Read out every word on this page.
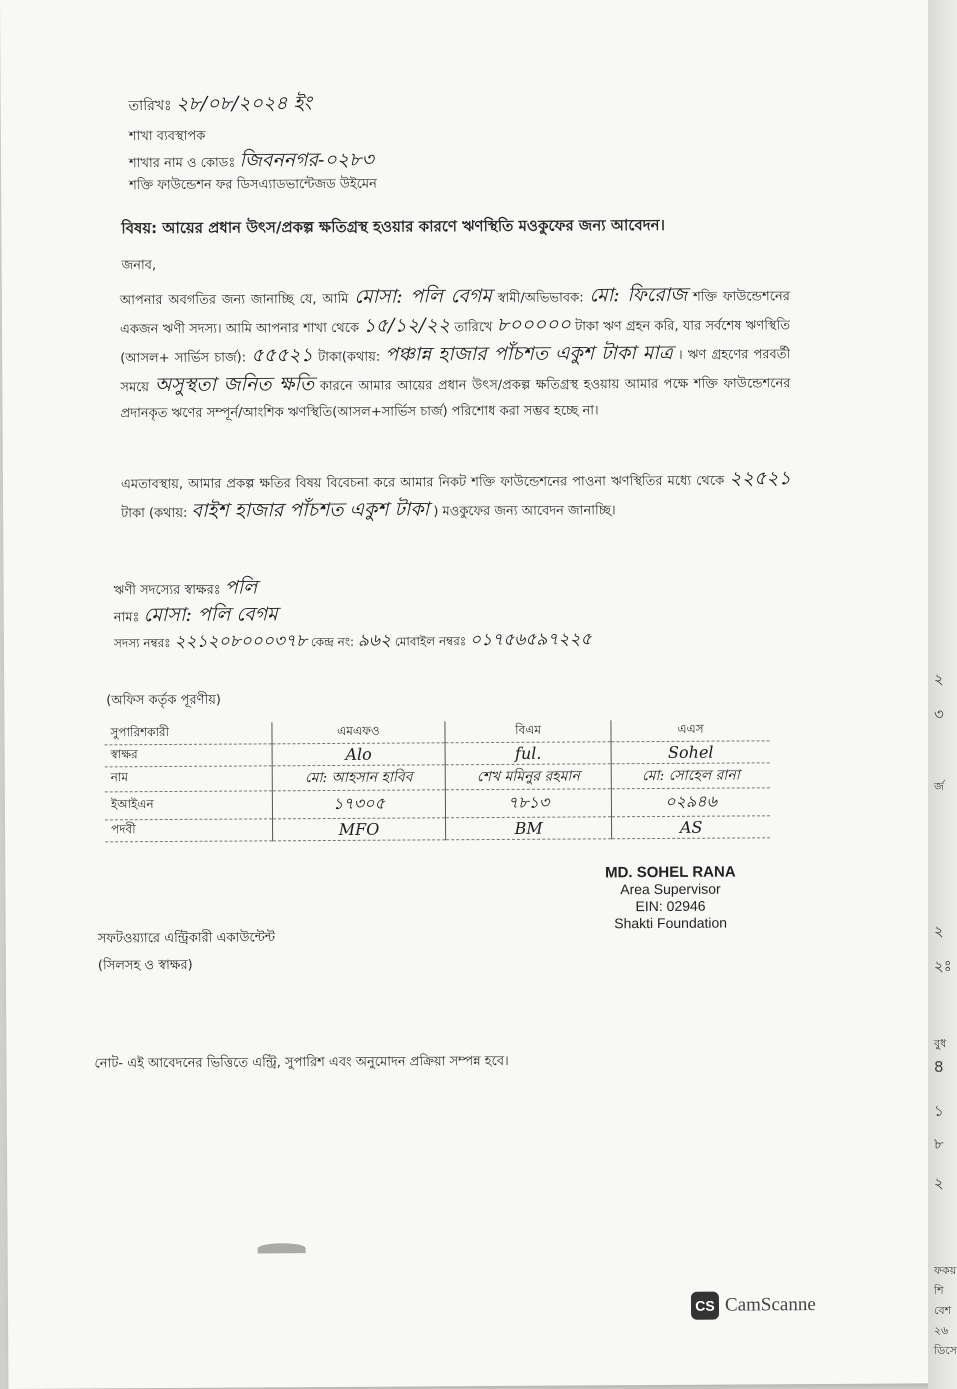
তারিখঃ ২৮/০৮/২০২৪ ইং
শাখা ব্যবস্থাপক
শাখার নাম ও কোডঃ জিবননগর-০২৮৩
শক্তি ফাউন্ডেশন ফর ডিসএ্যাডভান্টেজড উইমেন
বিষয়: আয়ের প্রধান উৎস/প্রকল্প ক্ষতিগ্রস্থ হওয়ার কারণে ঋণস্থিতি মওকুফের জন্য আবেদন।
জনাব,
আপনার অবগতির জন্য জানাচ্ছি যে, আমি মোসা: পলি বেগম স্বামী/অভিভাবক: মো: ফিরোজ শক্তি ফাউন্ডেশনের একজন ঋণী সদস্য। আমি আপনার শাখা থেকে ১৫/১২/২২ তারিখে ৮০০০০০ টাকা ঋণ গ্রহন করি, যার সর্বশেষ ঋণস্থিতি (আসল+ সার্ভিস চার্জ): ৫৫৫২১ টাকা(কথায়: পঞ্চান্ন হাজার পাঁচশত একুশ টাকা মাত্র । ঋণ গ্রহণের পরবর্তী সময়ে অসুস্থতা জনিত ক্ষতি কারনে আমার আয়ের প্রধান উৎস/প্রকল্প ক্ষতিগ্রস্থ হওয়ায় আমার পক্ষে শক্তি ফাউন্ডেশনের প্রদানকৃত ঋণের সম্পূর্ন/আংশিক ঋণস্থিতি(আসল+সার্ভিস চার্জ) পরিশোধ করা সম্ভব হচ্ছে না।
এমতাবস্থায়, আমার প্রকল্প ক্ষতির বিষয় বিবেচনা করে আমার নিকট শক্তি ফাউন্ডেশনের পাওনা ঋণস্থিতির মধ্যে থেকে ২২৫২১ টাকা (কথায়: বাইশ হাজার পাঁচশত একুশ টাকা ) মওকুফের জন্য আবেদন জানাচ্ছি।
ঋণী সদস্যের স্বাক্ষরঃ পলি
নামঃ মোসা: পলি বেগম
সদস্য নম্বরঃ ২২১২০৮০০০৩৭৮ কেন্দ্র নং: ৯৬২ মোবাইল নম্বরঃ ০১৭৫৬৫৯৭২২৫
(অফিস কর্তৃক পূরণীয়)
সুপারিশকারী	এমএফও	বিএম	এএস
স্বাক্ষর	Alo	ful.	Sohel
নাম	মো: আহসান হাবিব	শেখ মমিনুর রহমান	মো: সোহেল রানা
ইআইএন	১৭৩০৫	৭৮১৩	০২৯৪৬
পদবী	MFO	BM	AS
MD. SOHEL RANA
Area Supervisor
EIN: 02946
Shakti Foundation
সফটওয়্যারে এন্ট্রিকারী একাউন্টেন্ট
(সিলসহ ও স্বাক্ষর)
নোট- এই আবেদনের ভিত্তিতে এন্ট্রি, সুপারিশ এবং অনুমোদন প্রক্রিয়া সম্পন্ন হবে।
CS CamScanne
২
৩
র্জ
২
২ঃ
বুধ
8
১
৮
২
ফকয়
শি
বেশ
২৬
ডিসে
